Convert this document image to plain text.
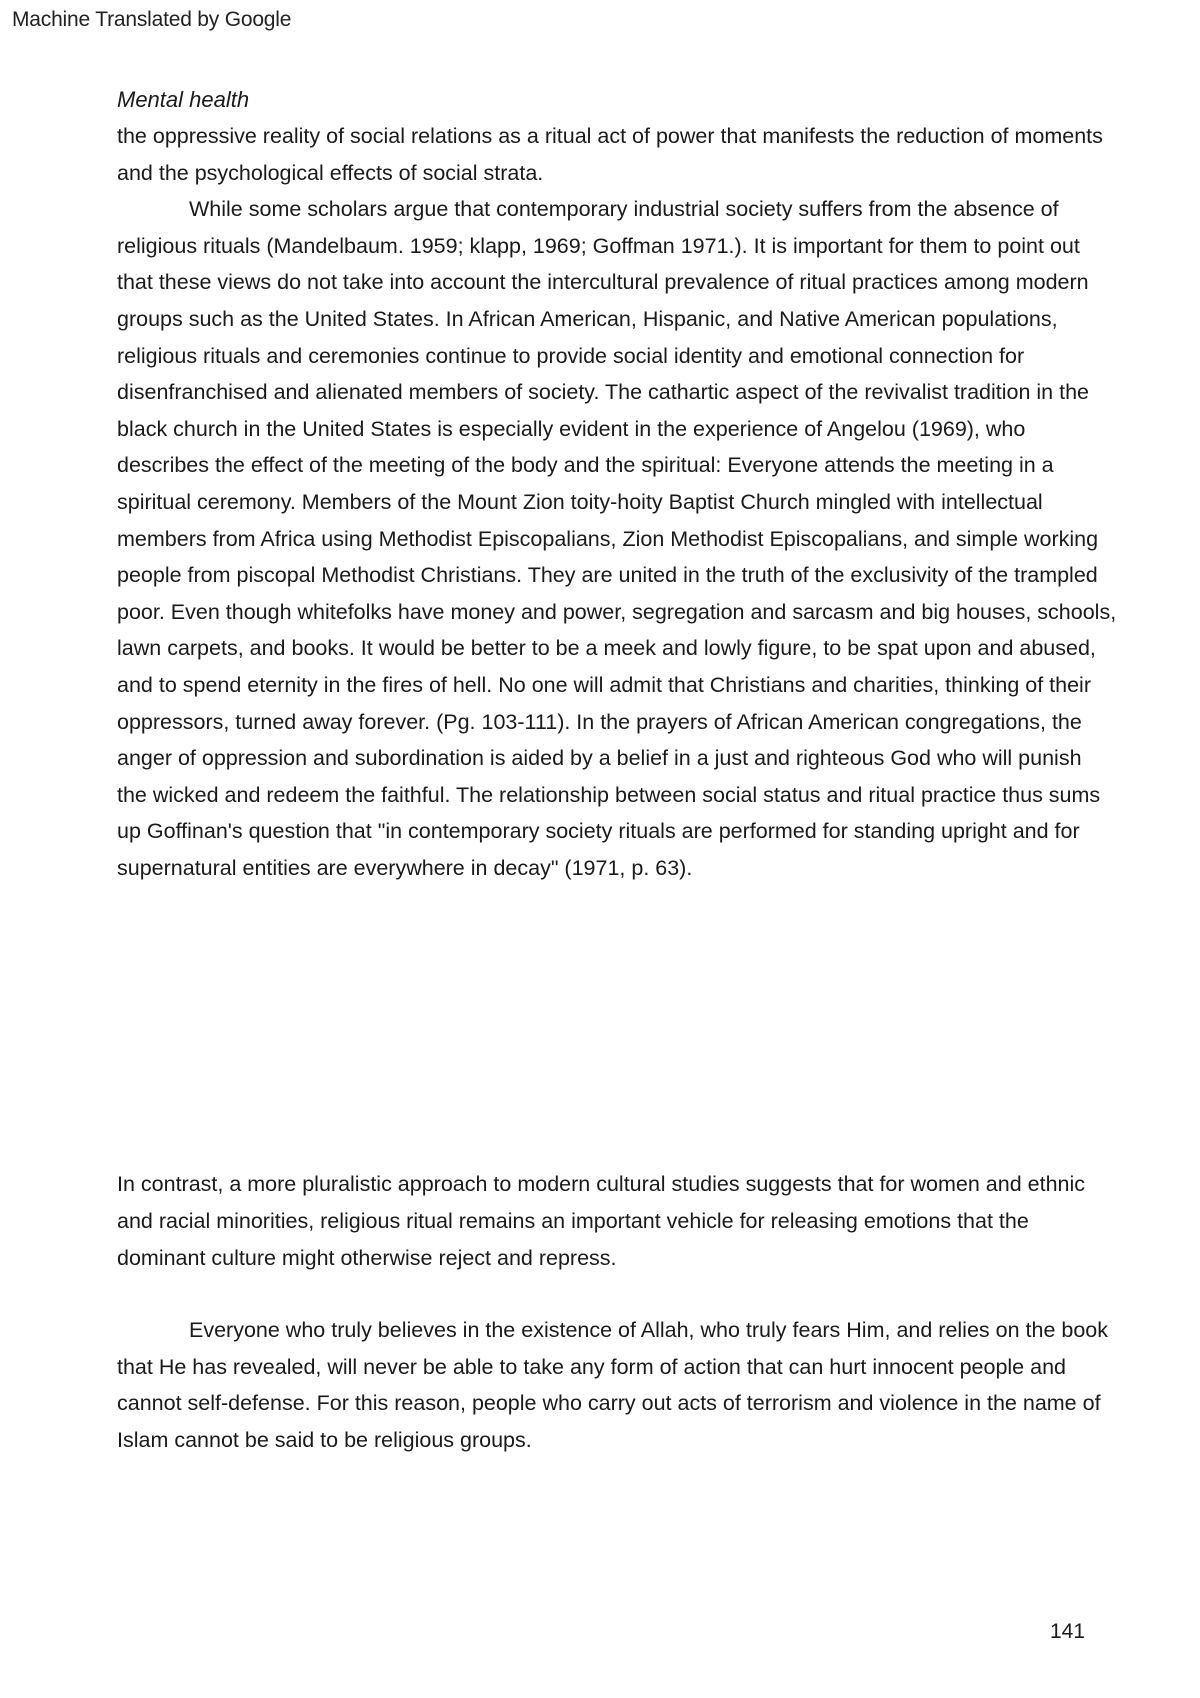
Machine Translated by Google

Mental health

the oppressive reality of social relations as a ritual act of power that manifests the reduction of moments and the psychological effects of social strata.

While some scholars argue that contemporary industrial society suffers from the absence of religious rituals (Mandelbaum. 1959; klapp, 1969; Goffman 1971.). It is important for them to point out that these views do not take into account the intercultural prevalence of ritual practices among modern groups such as the United States. In African American, Hispanic, and Native American populations, religious rituals and ceremonies continue to provide social identity and emotional connection for disenfranchised and alienated members of society. The cathartic aspect of the revivalist tradition in the black church in the United States is especially evident in the experience of Angelou (1969), who describes the effect of the meeting of the body and the spiritual: Everyone attends the meeting in a spiritual ceremony. Members of the Mount Zion toity-hoity Baptist Church mingled with intellectual members from Africa using Methodist Episcopalians, Zion Methodist Episcopalians, and simple working people from piscopal Methodist Christians. They are united in the truth of the exclusivity of the trampled poor. Even though whitefolks have money and power, segregation and sarcasm and big houses, schools, lawn carpets, and books. It would be better to be a meek and lowly figure, to be spat upon and abused, and to spend eternity in the fires of hell. No one will admit that Christians and charities, thinking of their oppressors, turned away forever. (Pg. 103-111). In the prayers of African American congregations, the anger of oppression and subordination is aided by a belief in a just and righteous God who will punish the wicked and redeem the faithful. The relationship between social status and ritual practice thus sums up Goffinan's question that "in contemporary society rituals are performed for standing upright and for supernatural entities are everywhere in decay" (1971, p. 63).

In contrast, a more pluralistic approach to modern cultural studies suggests that for women and ethnic and racial minorities, religious ritual remains an important vehicle for releasing emotions that the dominant culture might otherwise reject and repress.

Everyone who truly believes in the existence of Allah, who truly fears Him, and relies on the book that He has revealed, will never be able to take any form of action that can hurt innocent people and cannot self-defense. For this reason, people who carry out acts of terrorism and violence in the name of Islam cannot be said to be religious groups.

141
